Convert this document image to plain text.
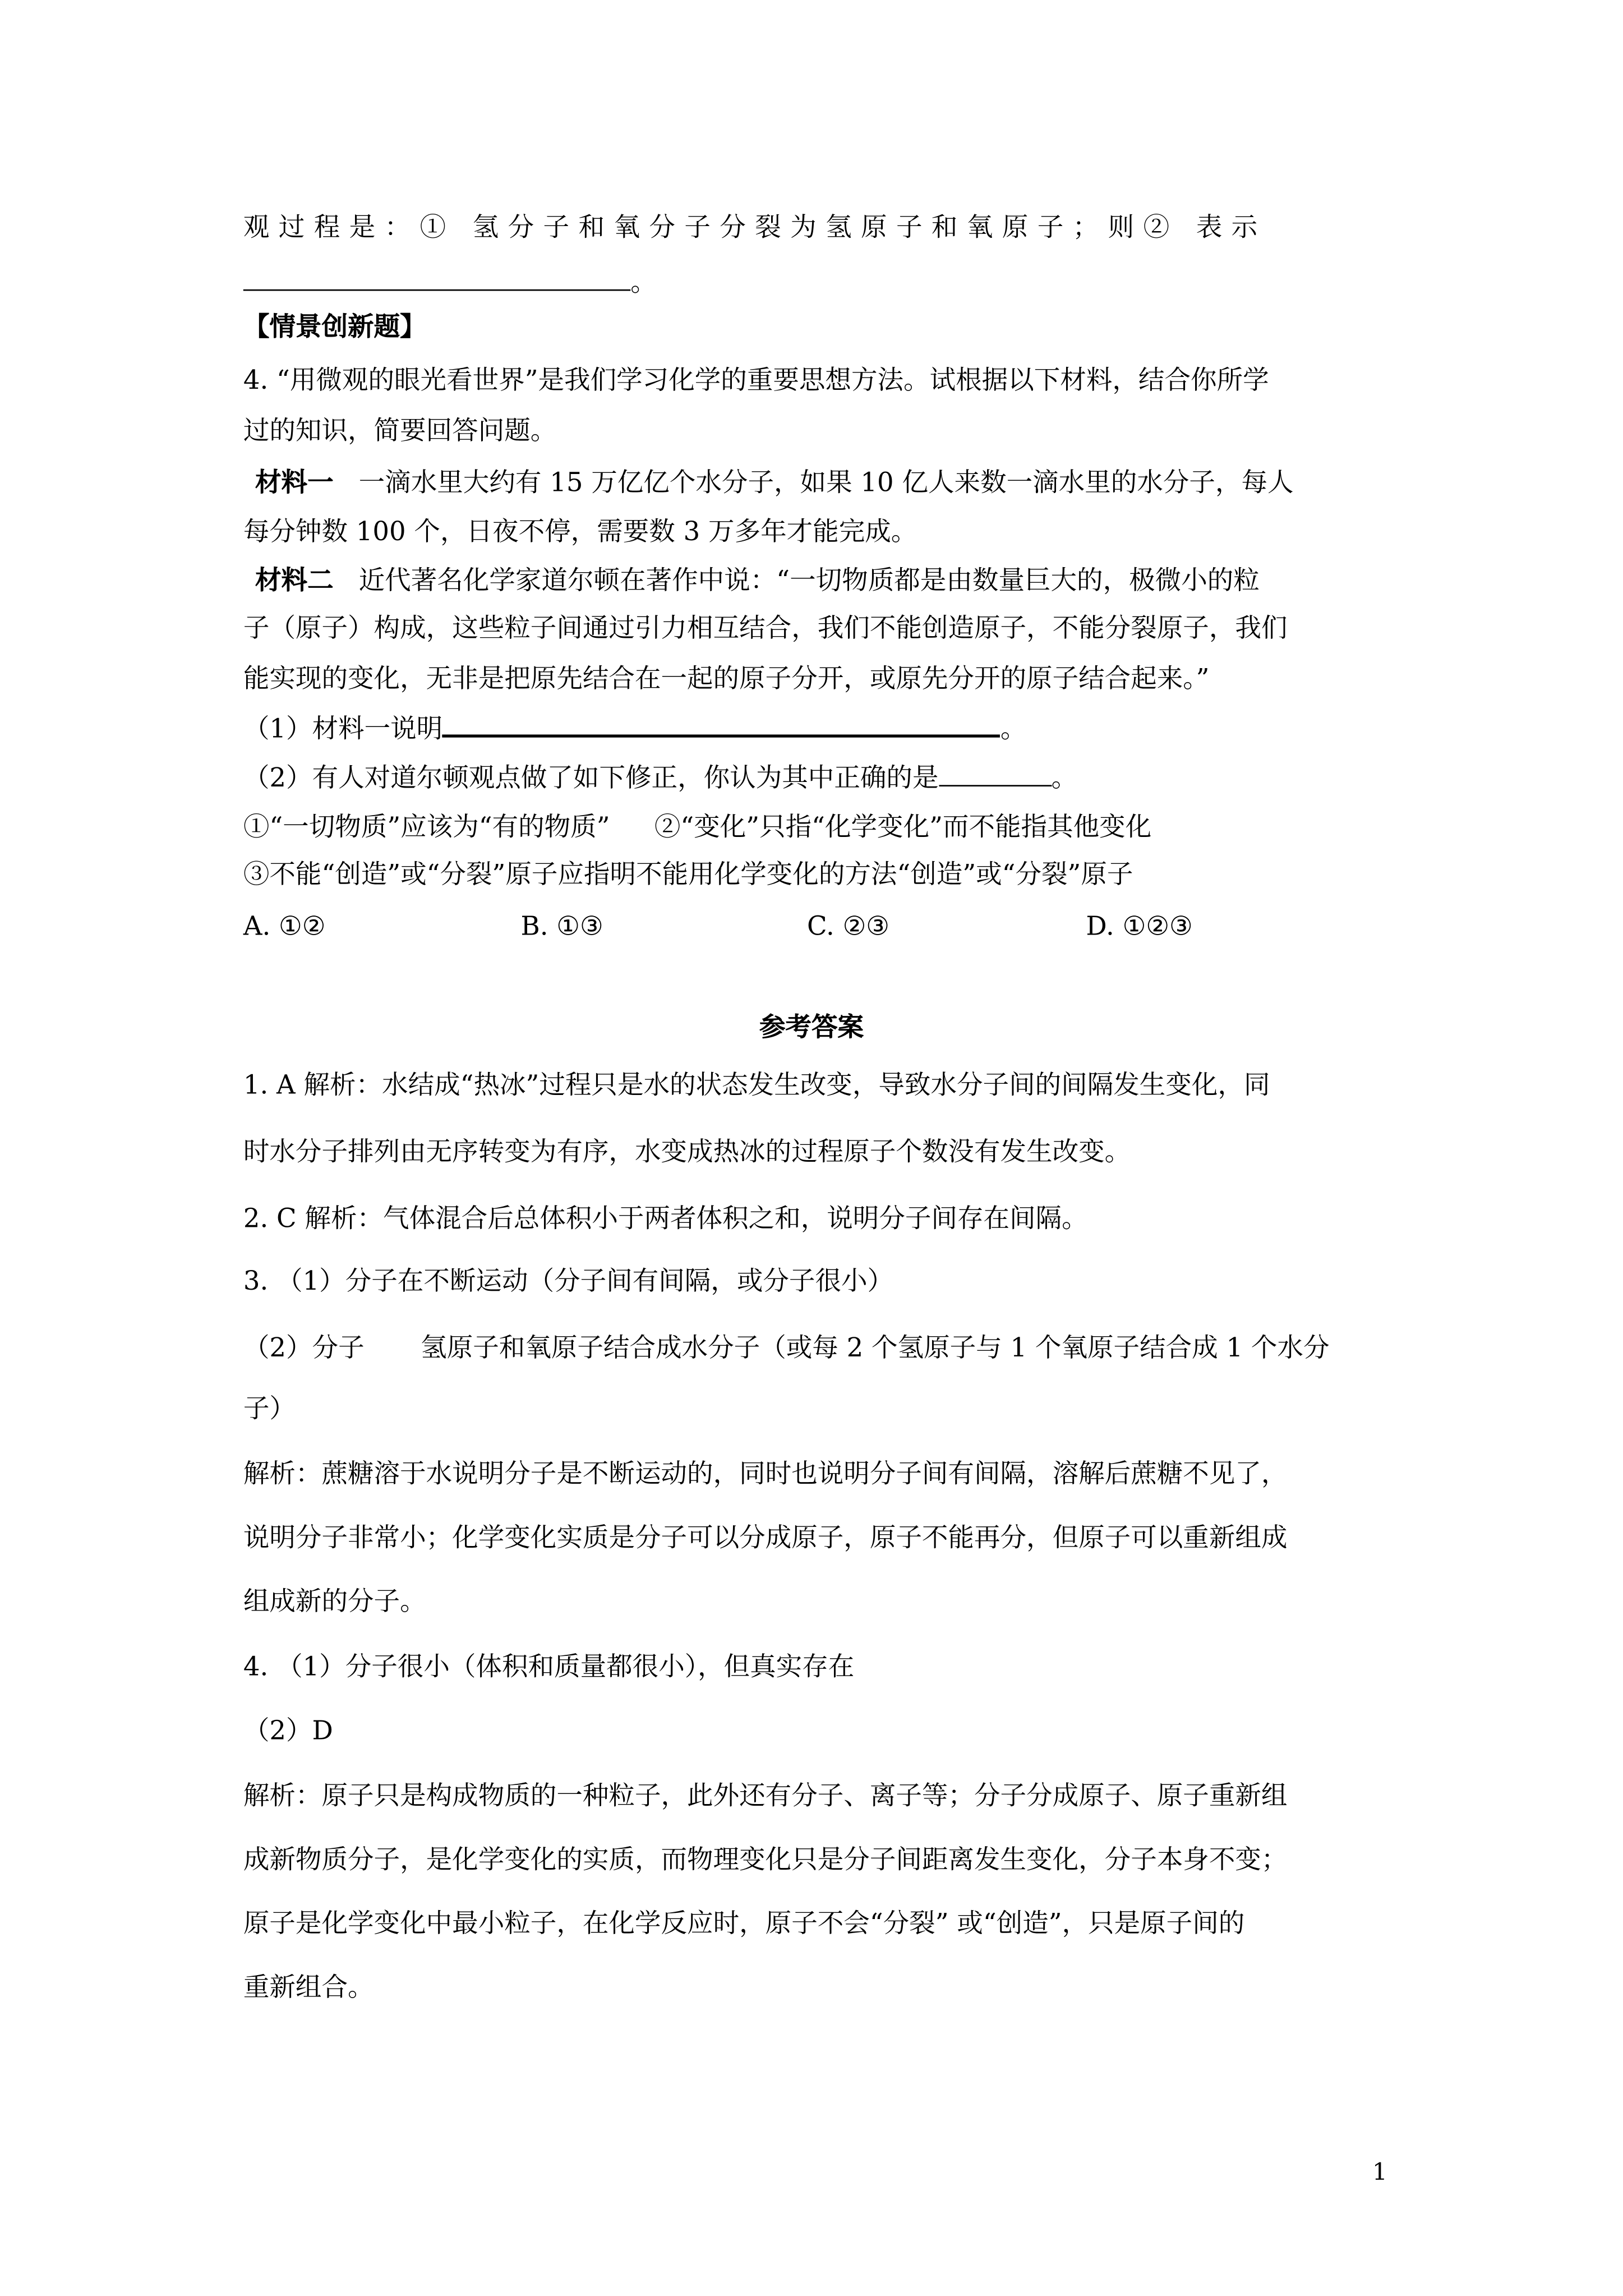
观过程是：① 氢分子和氧分子分裂为氢原子和氧原子；则② 表示
。
【情景创新题】
4. “用微观的眼光看世界”是我们学习化学的重要思想方法。试根据以下材料，结合你所学
过的知识，简要回答问题。
材料一	一滴水里大约有 15 万亿亿个水分子，如果 10 亿人来数一滴水里的水分子，每人
每分钟数 100 个，日夜不停，需要数 3 万多年才能完成。
材料二	近代著名化学家道尔顿在著作中说：“一切物质都是由数量巨大的，极微小的粒
子（原子）构成，这些粒子间通过引力相互结合，我们不能创造原子，不能分裂原子，我们
能实现的变化，无非是把原先结合在一起的原子分开，或原先分开的原子结合起来。”
（1）材料一说明	。
（2）有人对道尔顿观点做了如下修正，你认为其中正确的是	。
①“一切物质”应该为“有的物质”	②“变化”只指“化学变化”而不能指其他变化
③不能“创造”或“分裂”原子应指明不能用化学变化的方法“创造”或“分裂”原子
A. ①②	B. ①③	C. ②③	D. ①②③
参考答案
1. A 解析：水结成“热冰”过程只是水的状态发生改变，导致水分子间的间隔发生变化，同
时水分子排列由无序转变为有序，水变成热冰的过程原子个数没有发生改变。
2. C 解析：气体混合后总体积小于两者体积之和，说明分子间存在间隔。
3. （1）分子在不断运动（分子间有间隔，或分子很小）
（2）分子	氢原子和氧原子结合成水分子（或每 2 个氢原子与 1 个氧原子结合成 1 个水分
子）
解析：蔗糖溶于水说明分子是不断运动的，同时也说明分子间有间隔，溶解后蔗糖不见了，
说明分子非常小；化学变化实质是分子可以分成原子，原子不能再分，但原子可以重新组成
组成新的分子。
4. （1）分子很小（体积和质量都很小），但真实存在
（2）D
解析：原子只是构成物质的一种粒子，此外还有分子、离子等；分子分成原子、原子重新组
成新物质分子，是化学变化的实质，而物理变化只是分子间距离发生变化，分子本身不变；
原子是化学变化中最小粒子，在化学反应时，原子不会“分裂” 或“创造”，只是原子间的
重新组合。
1
